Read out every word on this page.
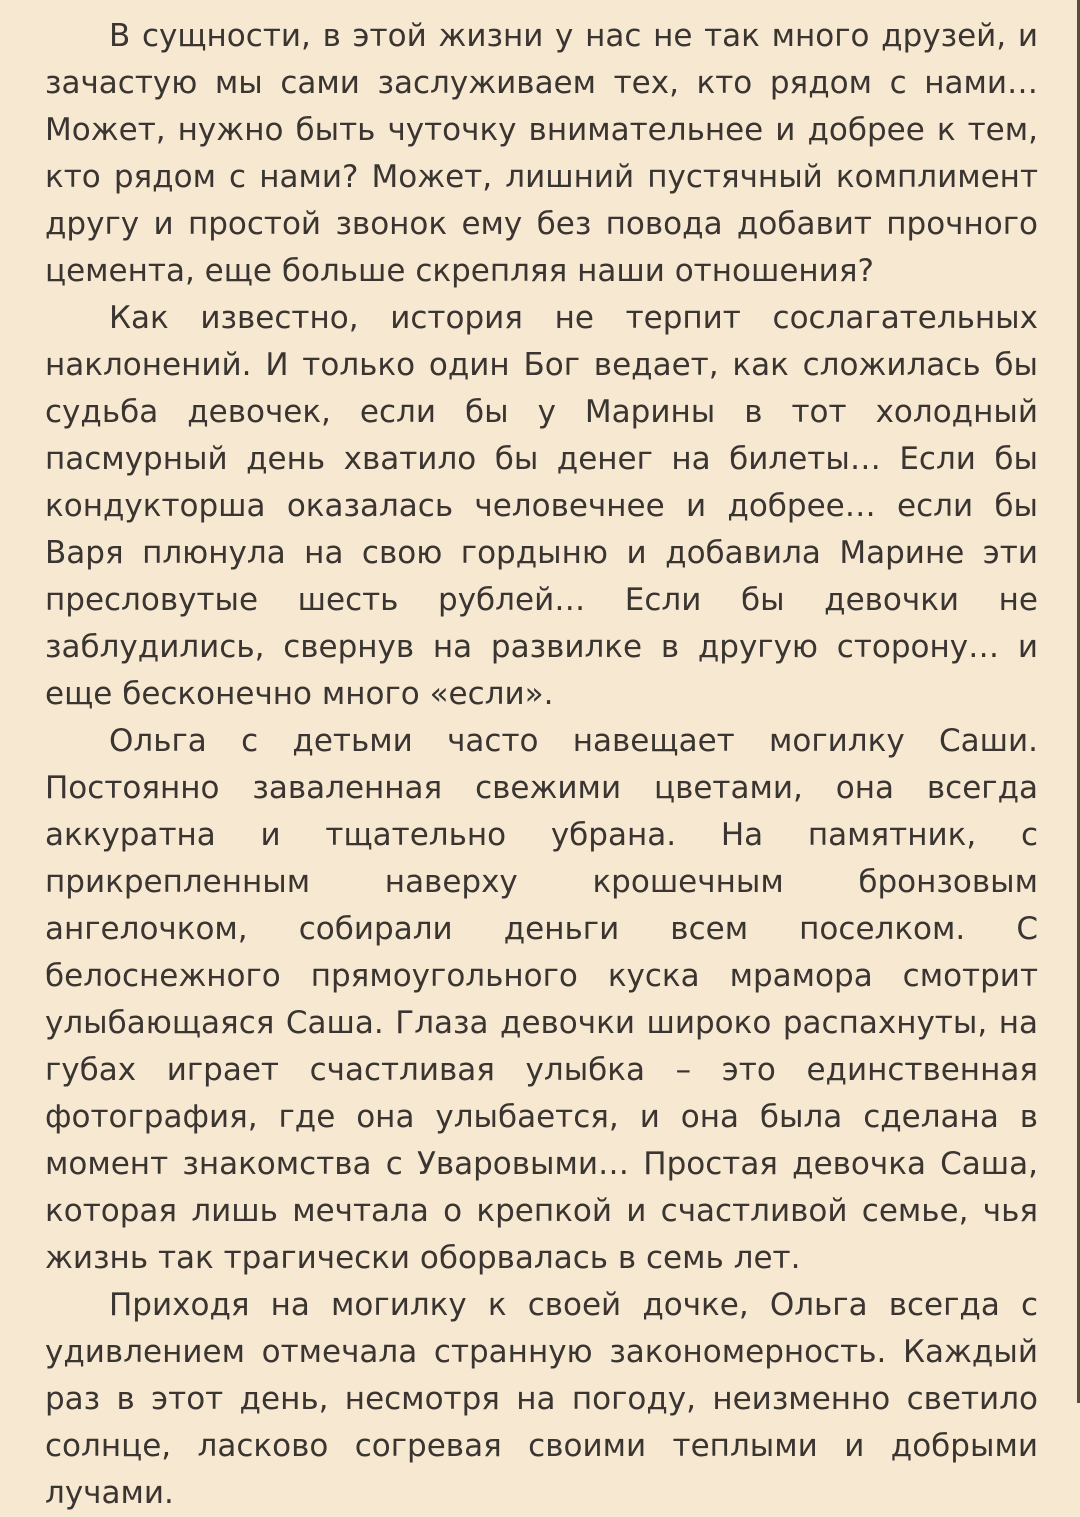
В сущности, в этой жизни у нас не так много друзей, и зачастую мы сами заслуживаем тех, кто рядом с нами… Может, нужно быть чуточку внимательнее и добрее к тем, кто рядом с нами? Может, лишний пустячный комплимент другу и простой звонок ему без повода добавит прочного цемента, еще больше скрепляя наши отношения?

Как известно, история не терпит сослагательных наклонений. И только один Бог ведает, как сложилась бы судьба девочек, если бы у Марины в тот холодный пасмурный день хватило бы денег на билеты… Если бы кондукторша оказалась человечнее и добрее… если бы Варя плюнула на свою гордыню и добавила Марине эти пресловутые шесть рублей… Если бы девочки не заблудились, свернув на развилке в другую сторону… и еще бесконечно много «если».

Ольга с детьми часто навещает могилку Саши. Постоянно заваленная свежими цветами, она всегда аккуратна и тщательно убрана. На памятник, с прикрепленным наверху крошечным бронзовым ангелочком, собирали деньги всем поселком. С белоснежного прямоугольного куска мрамора смотрит улыбающаяся Саша. Глаза девочки широко распахнуты, на губах играет счастливая улыбка – это единственная фотография, где она улыбается, и она была сделана в момент знакомства с Уваровыми… Простая девочка Саша, которая лишь мечтала о крепкой и счастливой семье, чья жизнь так трагически оборвалась в семь лет.

Приходя на могилку к своей дочке, Ольга всегда с удивлением отмечала странную закономерность. Каждый раз в этот день, несмотря на погоду, неизменно светило солнце, ласково согревая своими теплыми и добрыми лучами.
